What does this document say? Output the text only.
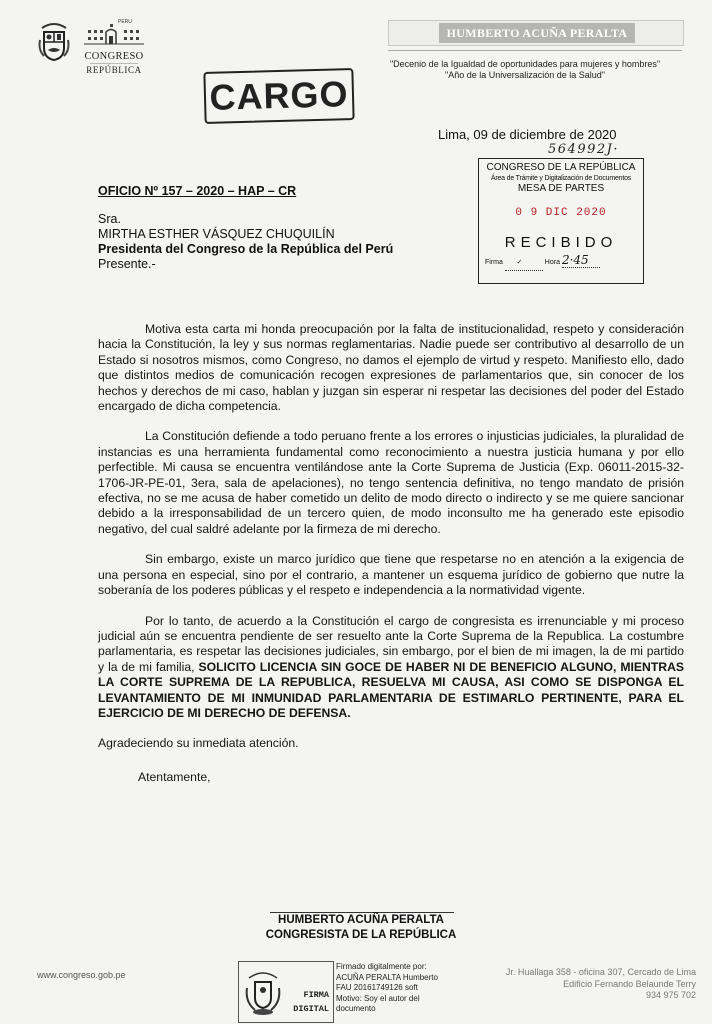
PERU
CONGRESO
REPÚBLICA
HUMBERTO ACUÑA PERALTA
"Decenio de la Igualdad de oportunidades para mujeres y hombres"
"Año de la Universalización de la Salud"
CARGO
Lima, 09 de diciembre de 2020
564992J·
CONGRESO DE LA REPÚBLICA
Área de Trámite y Digitalización de Documentos
MESA DE PARTES
0 9 DIC 2020
RECIBIDO
Firma       ✓	Hora 2·45
OFICIO Nº 157 – 2020 – HAP – CR
Sra.
MIRTHA ESTHER VÁSQUEZ CHUQUILÍN
Presidenta del Congreso de la República del Perú
Presente.-
Motiva esta carta mi honda preocupación por la falta de institucionalidad, respeto y consideración hacia la Constitución, la ley y sus normas reglamentarias. Nadie puede ser contributivo al desarrollo de un Estado si nosotros mismos, como Congreso, no damos el ejemplo de virtud y respeto. Manifiesto ello, dado que distintos medios de comunicación recogen expresiones de parlamentarios que, sin conocer de los hechos y derechos de mi caso, hablan y juzgan sin esperar ni respetar las decisiones del poder del Estado encargado de dicha competencia.
La Constitución defiende a todo peruano frente a los errores o injusticias judiciales, la pluralidad de instancias es una herramienta fundamental como reconocimiento a nuestra justicia humana y por ello perfectible. Mi causa se encuentra ventilándose ante la Corte Suprema de Justicia (Exp. 06011-2015-32-1706-JR-PE-01, 3era, sala de apelaciones), no tengo sentencia definitiva, no tengo mandato de prisión efectiva, no se me acusa de haber cometido un delito de modo directo o indirecto y se me quiere sancionar debido a la irresponsabilidad de un tercero quien, de modo inconsulto me ha generado este episodio negativo, del cual saldré adelante por la firmeza de mi derecho.
Sin embargo, existe un marco jurídico que tiene que respetarse no en atención a la exigencia de una persona en especial, sino por el contrario, a mantener un esquema jurídico de gobierno que nutre la soberanía de los poderes públicas y el respeto e independencia a la normatividad vigente.
Por lo tanto, de acuerdo a la Constitución el cargo de congresista es irrenunciable y mi proceso judicial aún se encuentra pendiente de ser resuelto ante la Corte Suprema de la Republica. La costumbre parlamentaria, es respetar las decisiones judiciales, sin embargo, por el bien de mi imagen, la de mi partido y la de mi familia, SOLICITO LICENCIA SIN GOCE DE HABER NI DE BENEFICIO ALGUNO, MIENTRAS LA CORTE SUPREMA DE LA REPUBLICA, RESUELVA MI CAUSA, ASI COMO SE DISPONGA EL LEVANTAMIENTO DE MI INMUNIDAD PARLAMENTARIA DE ESTIMARLO PERTINENTE, PARA EL EJERCICIO DE MI DERECHO DE DEFENSA.
Agradeciendo su inmediata atención.
Atentamente,
HUMBERTO ACUÑA PERALTA
CONGRESISTA DE LA REPÚBLICA
www.congreso.gob.pe
FIRMA
DIGITAL
Firmado digitalmente por:
ACUÑA PERALTA Humberto
FAU 20161749126 soft
Motivo: Soy el autor del
documento
Jr. Huallaga 358 - oficina 307, Cercado de Lima
Edificio Fernando Belaunde Terry
934 975 702
